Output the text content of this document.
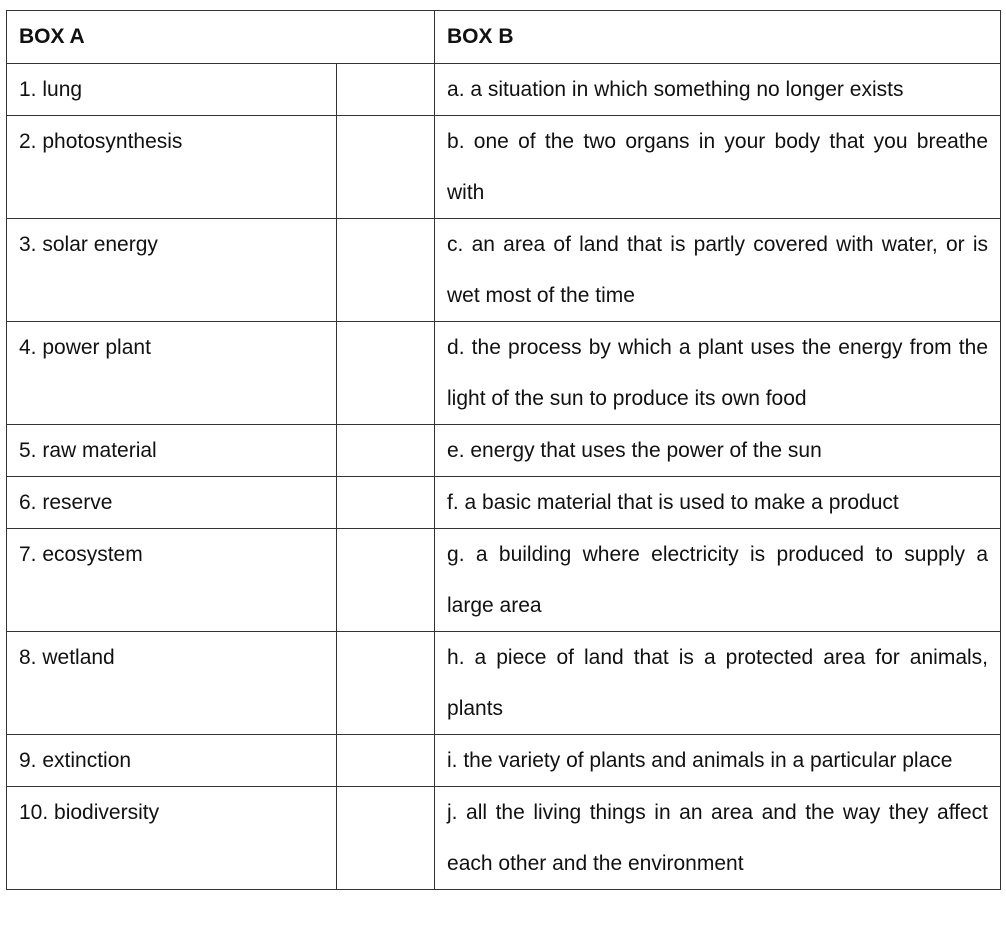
BOX A		BOX B
1. lung		a. a situation in which something no longer exists
2. photosynthesis		b. one of the two organs in your body that you breathe with
3. solar energy		c. an area of land that is partly covered with water, or is wet most of the time
4. power plant		d. the process by which a plant uses the energy from the light of the sun to produce its own food
5. raw material		e. energy that uses the power of the sun
6. reserve		f. a basic material that is used to make a product
7. ecosystem		g. a building where electricity is produced to supply a large area
8. wetland		h. a piece of land that is a protected area for animals, plants
9. extinction		i. the variety of plants and animals in a particular place
10. biodiversity		j. all the living things in an area and the way they affect each other and the environment
